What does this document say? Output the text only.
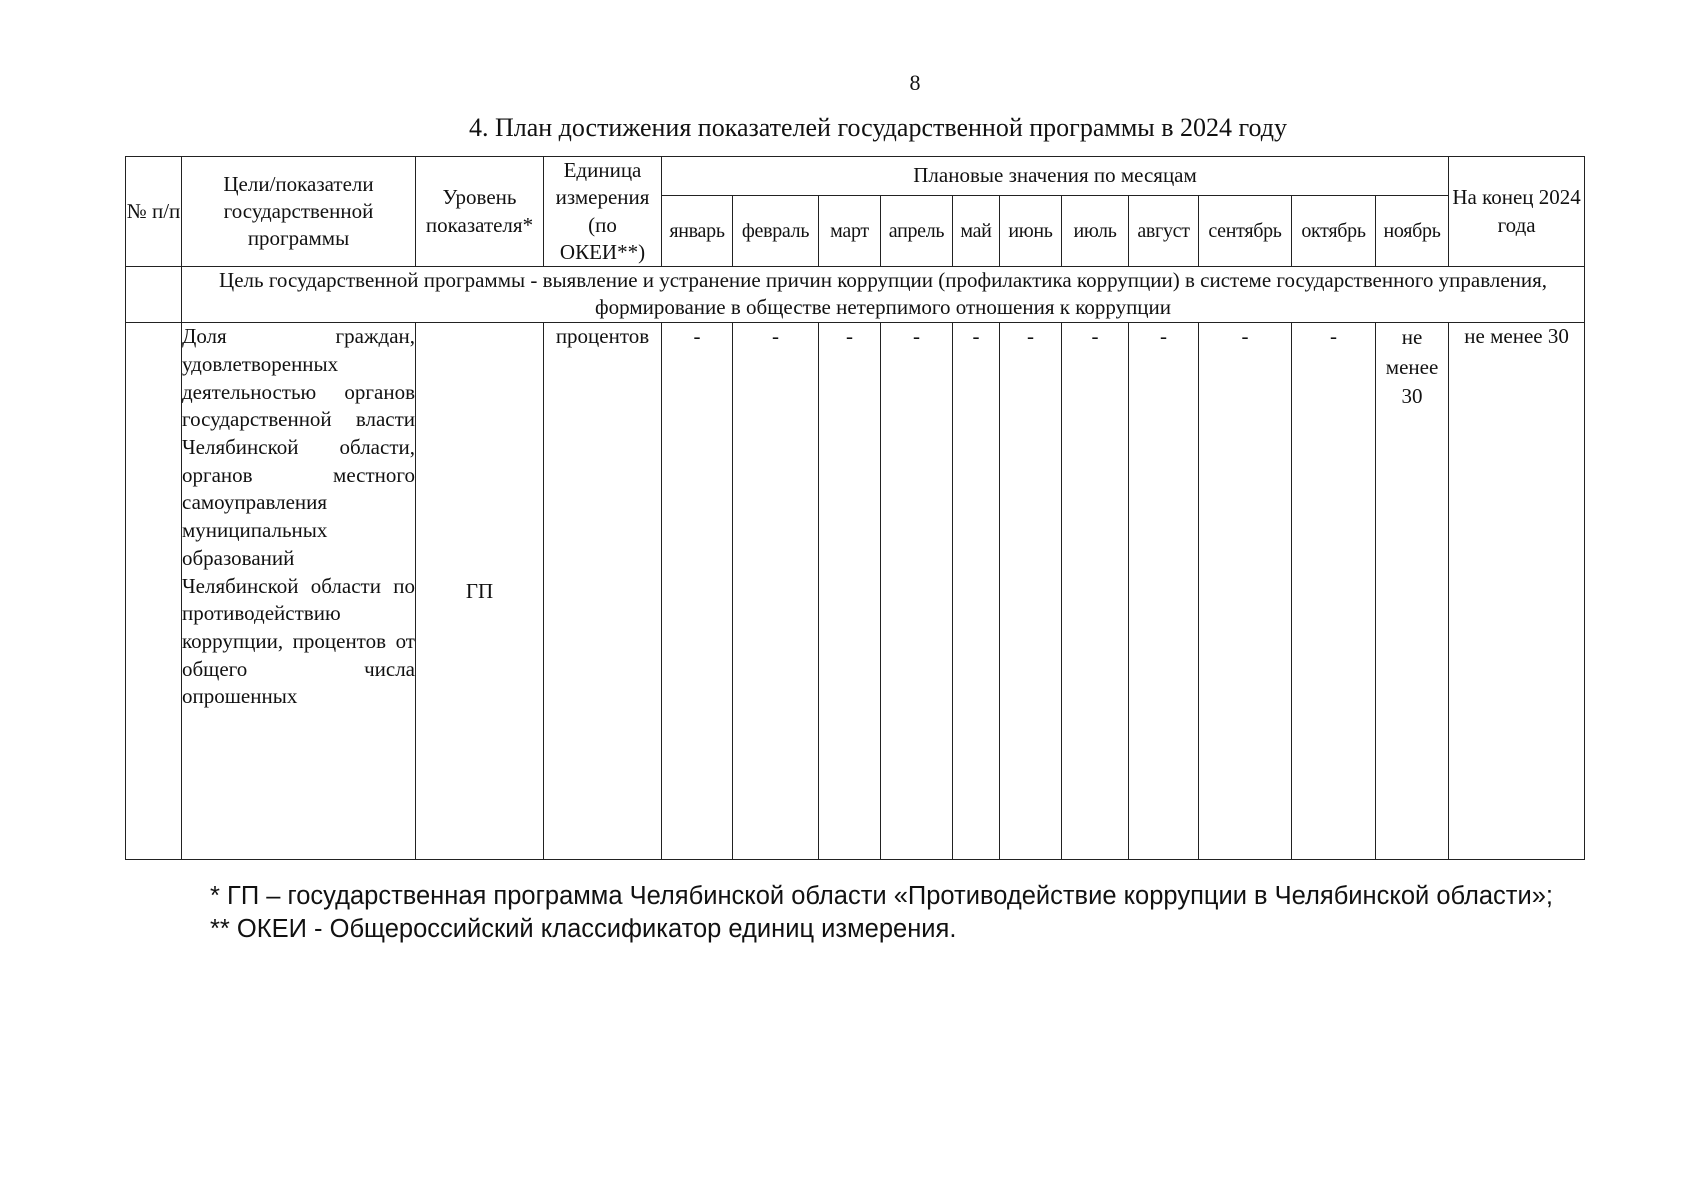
8
4. План достижения показателей государственной программы в 2024 году
№ п/п	Цели/показатели государственной программы	Уровень показателя*	Единица измерения (по ОКЕИ**)	Плановые значения по месяцам											На конец 2024 года
				январь	февраль	март	апрель	май	июнь	июль	август	сентябрь	октябрь	ноябрь	
	Цель государственной программы - выявление и устранение причин коррупции (профилактика коррупции) в системе государственного управления, формирование в обществе нетерпимого отношения к коррупции														
	Доля граждан, удовлетворенных деятельностью органов государственной власти Челябинской области, органов местного самоуправления муниципальных образований Челябинской области по противодействию коррупции, процентов от общего числа опрошенных	ГП	процентов	-	-	-	-	-	-	-	-	-	-	не менее 30	не менее 30
* ГП – государственная программа Челябинской области «Противодействие коррупции в Челябинской области»;
** ОКЕИ - Общероссийский классификатор единиц измерения.
